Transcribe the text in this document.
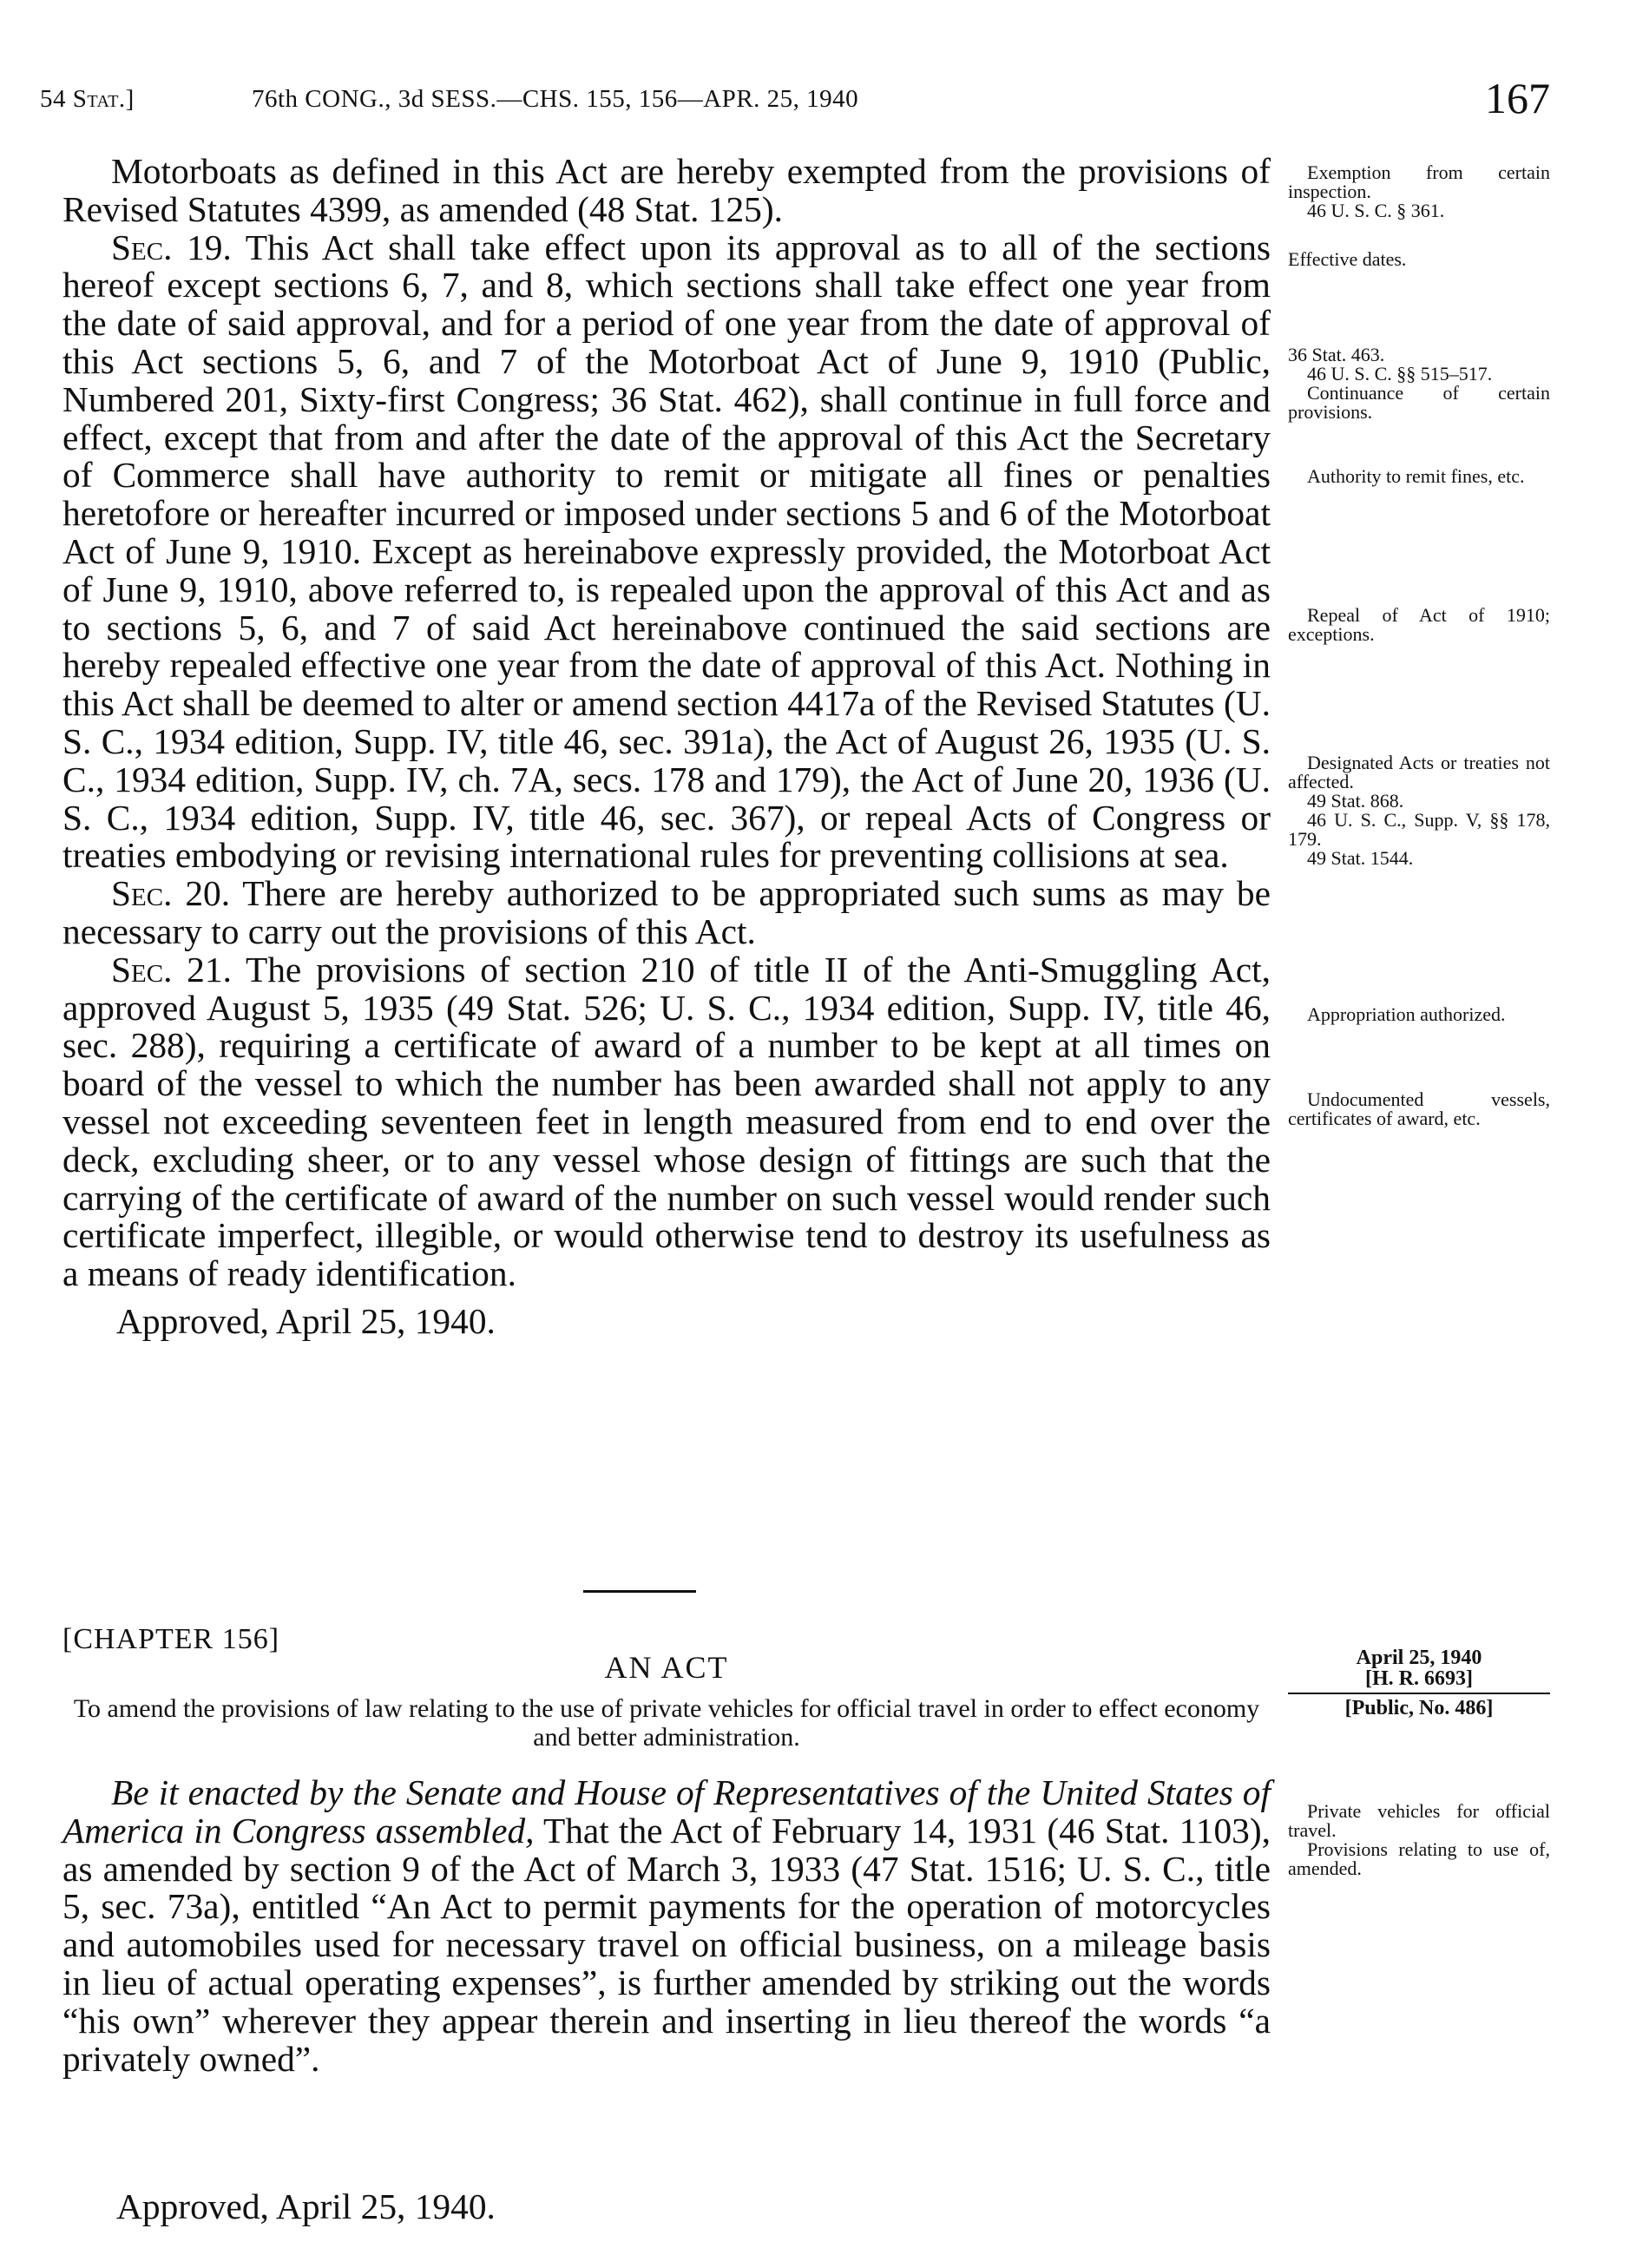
54 Stat.]	76th CONG., 3d SESS.—CHS. 155, 156—APR. 25, 1940	167

Motorboats as defined in this Act are hereby exempted from the provisions of Revised Statutes 4399, as amended (48 Stat. 125).

Sec. 19. This Act shall take effect upon its approval as to all of the sections hereof except sections 6, 7, and 8, which sections shall take effect one year from the date of said approval, and for a period of one year from the date of approval of this Act sections 5, 6, and 7 of the Motorboat Act of June 9, 1910 (Public, Numbered 201, Sixty-first Congress; 36 Stat. 462), shall continue in full force and effect, except that from and after the date of the approval of this Act the Secretary of Commerce shall have authority to remit or mitigate all fines or penalties heretofore or hereafter incurred or imposed under sections 5 and 6 of the Motorboat Act of June 9, 1910. Except as hereinabove expressly provided, the Motorboat Act of June 9, 1910, above referred to, is repealed upon the approval of this Act and as to sections 5, 6, and 7 of said Act hereinabove continued the said sections are hereby repealed effective one year from the date of approval of this Act. Nothing in this Act shall be deemed to alter or amend section 4417a of the Revised Statutes (U. S. C., 1934 edition, Supp. IV, title 46, sec. 391a), the Act of August 26, 1935 (U. S. C., 1934 edition, Supp. IV, ch. 7A, secs. 178 and 179), the Act of June 20, 1936 (U. S. C., 1934 edition, Supp. IV, title 46, sec. 367), or repeal Acts of Congress or treaties embodying or revising international rules for preventing collisions at sea.

Sec. 20. There are hereby authorized to be appropriated such sums as may be necessary to carry out the provisions of this Act.

Sec. 21. The provisions of section 210 of title II of the Anti-Smuggling Act, approved August 5, 1935 (49 Stat. 526; U. S. C., 1934 edition, Supp. IV, title 46, sec. 288), requiring a certificate of award of a number to be kept at all times on board of the vessel to which the number has been awarded shall not apply to any vessel not exceeding seventeen feet in length measured from end to end over the deck, excluding sheer, or to any vessel whose design of fittings are such that the carrying of the certificate of award of the number on such vessel would render such certificate imperfect, illegible, or would otherwise tend to destroy its usefulness as a means of ready identification.

Approved, April 25, 1940.
[CHAPTER 156]
AN ACT
To amend the provisions of law relating to the use of private vehicles for official travel in order to effect economy and better administration.

Be it enacted by the Senate and House of Representatives of the United States of America in Congress assembled, That the Act of February 14, 1931 (46 Stat. 1103), as amended by section 9 of the Act of March 3, 1933 (47 Stat. 1516; U. S. C., title 5, sec. 73a), entitled “An Act to permit payments for the operation of motorcycles and automobiles used for necessary travel on official business, on a mileage basis in lieu of actual operating expenses”, is further amended by striking out the words “his own” wherever they appear therein and inserting in lieu thereof the words “a privately owned”.

Approved, April 25, 1940.
Exemption from certain inspection.
46 U. S. C. § 361.
Effective dates.
36 Stat. 463.
46 U. S. C. §§ 515–517.
Continuance of certain provisions.
Authority to remit fines, etc.
Repeal of Act of 1910; exceptions.
Designated Acts or treaties not affected.
49 Stat. 868.
46 U. S. C., Supp. V, §§ 178, 179.
49 Stat. 1544.
Appropriation authorized.
Undocumented vessels, certificates of award, etc.
April 25, 1940
[H. R. 6693]
[Public, No. 486]
Private vehicles for official travel.
Provisions relating to use of, amended.
